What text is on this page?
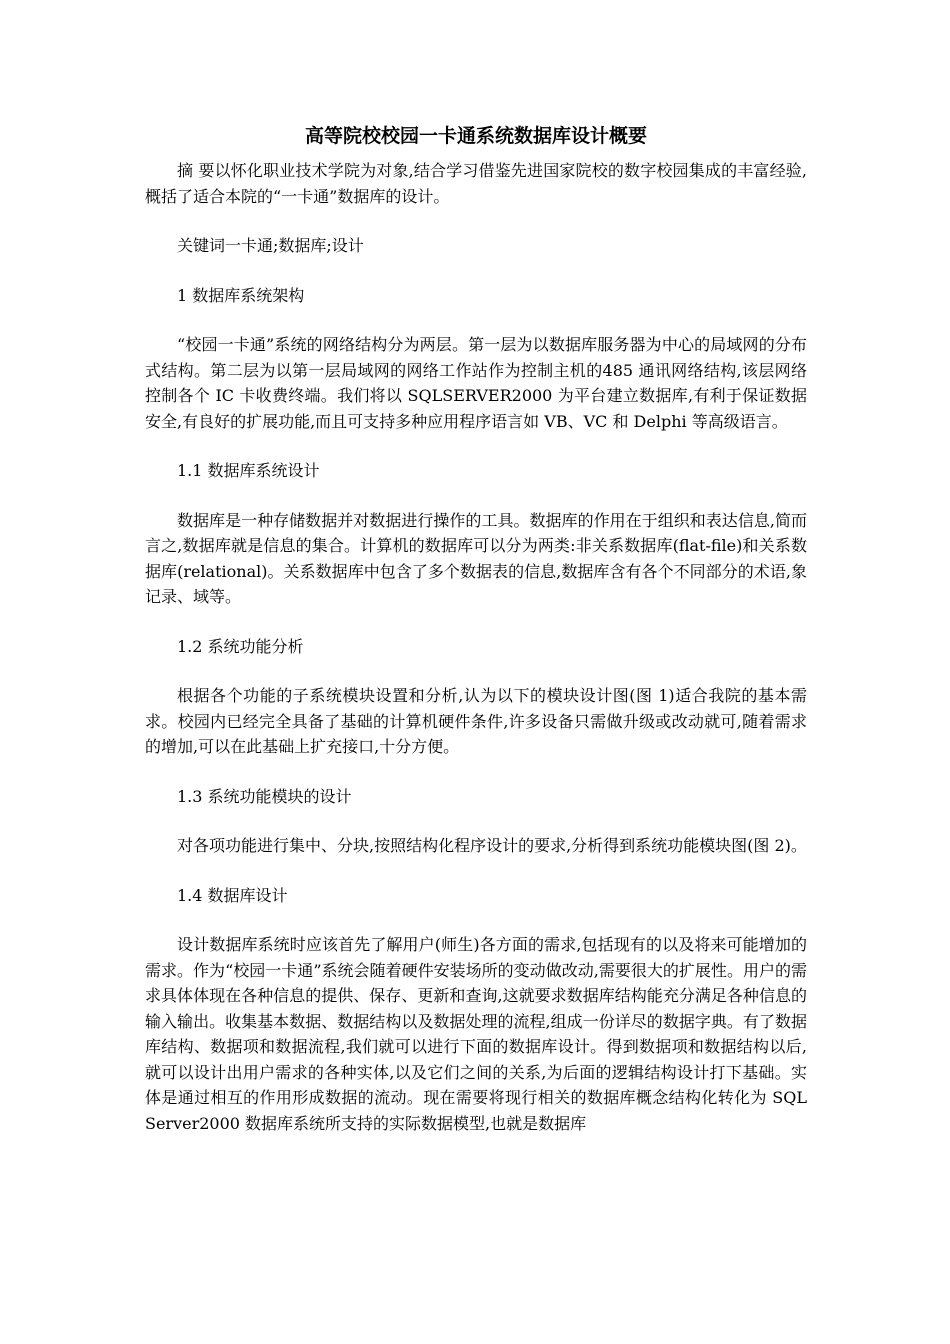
高等院校校园一卡通系统数据库设计概要

摘 要以怀化职业技术学院为对象,结合学习借鉴先进国家院校的数字校园集成的丰富经验,概括了适合本院的“一卡通”数据库的设计。

关键词一卡通;数据库;设计

1 数据库系统架构

“校园一卡通”系统的网络结构分为两层。第一层为以数据库服务器为中心的局域网的分布式结构。第二层为以第一层局域网的网络工作站作为控制主机的485 通讯网络结构,该层网络控制各个 IC 卡收费终端。我们将以 SQLSERVER2000 为平台建立数据库,有利于保证数据安全,有良好的扩展功能,而且可支持多种应用程序语言如 VB、VC 和 Delphi 等高级语言。

1.1 数据库系统设计

数据库是一种存储数据并对数据进行操作的工具。数据库的作用在于组织和表达信息,简而言之,数据库就是信息的集合。计算机的数据库可以分为两类:非关系数据库(flat-file)和关系数据库(relational)。关系数据库中包含了多个数据表的信息,数据库含有各个不同部分的术语,象记录、域等。

1.2 系统功能分析

根据各个功能的子系统模块设置和分析,认为以下的模块设计图(图 1)适合我院的基本需求。校园内已经完全具备了基础的计算机硬件条件,许多设备只需做升级或改动就可,随着需求的增加,可以在此基础上扩充接口,十分方便。

1.3 系统功能模块的设计

对各项功能进行集中、分块,按照结构化程序设计的要求,分析得到系统功能模块图(图 2)。

1.4 数据库设计

设计数据库系统时应该首先了解用户(师生)各方面的需求,包括现有的以及将来可能增加的需求。作为“校园一卡通”系统会随着硬件安装场所的变动做改动,需要很大的扩展性。用户的需求具体体现在各种信息的提供、保存、更新和查询,这就要求数据库结构能充分满足各种信息的输入输出。收集基本数据、数据结构以及数据处理的流程,组成一份详尽的数据字典。有了数据库结构、数据项和数据流程,我们就可以进行下面的数据库设计。得到数据项和数据结构以后,就可以设计出用户需求的各种实体,以及它们之间的关系,为后面的逻辑结构设计打下基础。实体是通过相互的作用形成数据的流动。现在需要将现行相关的数据库概念结构化转化为 SQL Server2000 数据库系统所支持的实际数据模型,也就是数据库
